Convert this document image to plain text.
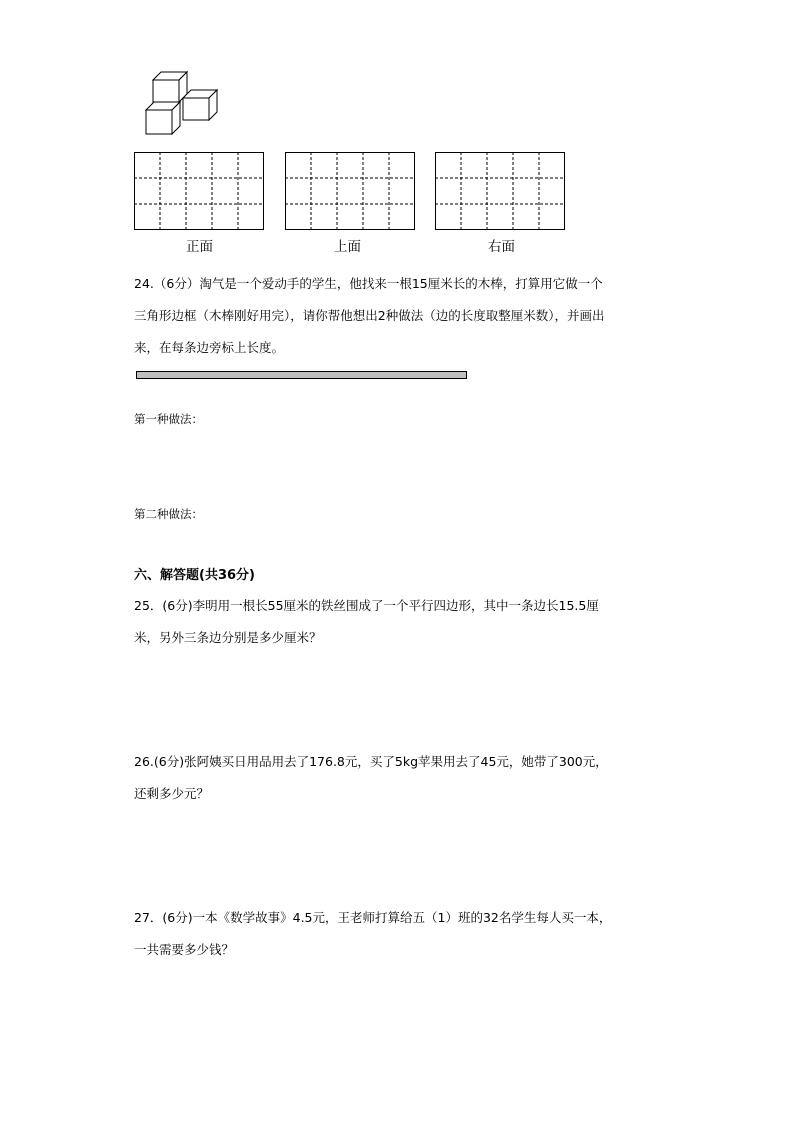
正面	上面	右面
24.（6分）淘气是一个爱动手的学生，他找来一根15厘米长的木棒，打算用它做一个
三角形边框（木棒刚好用完），请你帮他想出2种做法（边的长度取整厘米数），并画出
来，在每条边旁标上长度。
第一种做法：
第二种做法：
六、解答题(共36分)
25．(6分)李明用一根长55厘米的铁丝围成了一个平行四边形，其中一条边长15.5厘
米，另外三条边分别是多少厘米？
26.(6分)张阿姨买日用品用去了176.8元，买了5kg苹果用去了45元，她带了300元，
还剩多少元？
27．(6分)一本《数学故事》4.5元，王老师打算给五（1）班的32名学生每人买一本，
一共需要多少钱？
